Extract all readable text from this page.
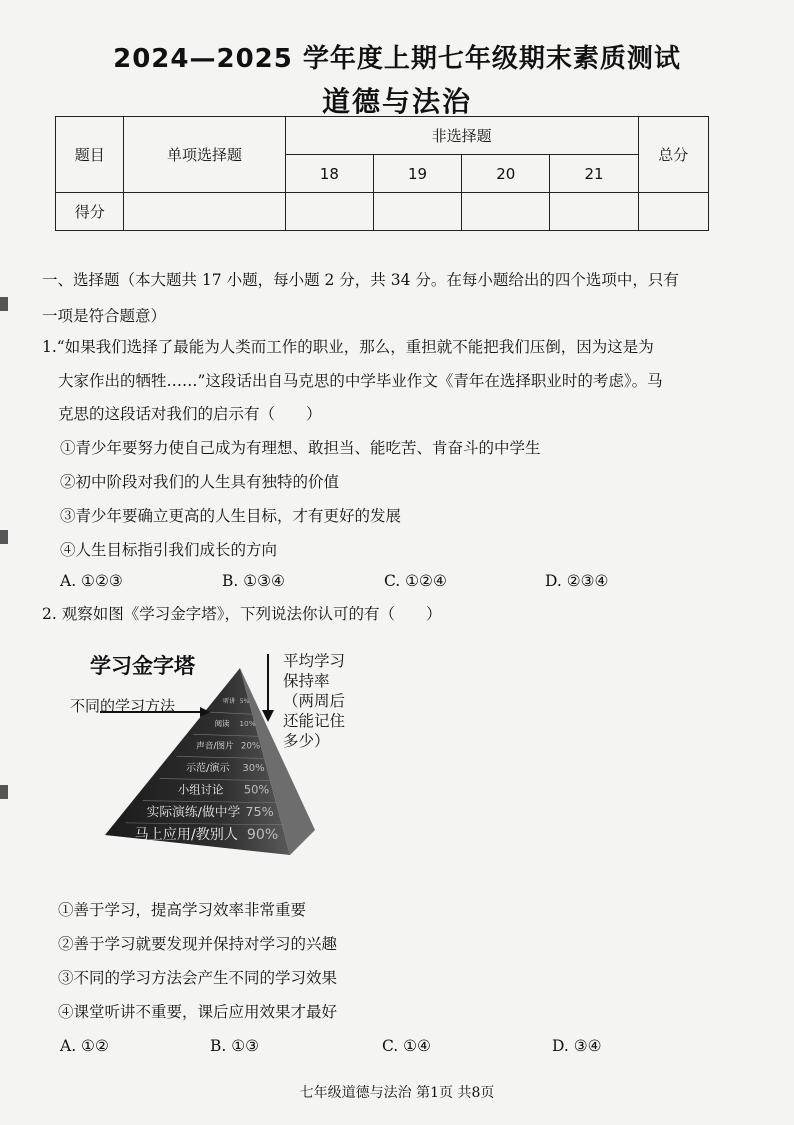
2024—2025 学年度上期七年级期末素质测试
道德与法治
题目	单项选择题	非选择题				总分
		18	19	20	21	
得分						
一、选择题（本大题共 17 小题，每小题 2 分，共 34 分。在每小题给出的四个选项中，只有
一项是符合题意）
1.“如果我们选择了最能为人类而工作的职业，那么，重担就不能把我们压倒，因为这是为
大家作出的牺牲……”这段话出自马克思的中学毕业作文《青年在选择职业时的考虑》。马
克思的这段话对我们的启示有（　　）
①青少年要努力使自己成为有理想、敢担当、能吃苦、肯奋斗的中学生
②初中阶段对我们的人生具有独特的价值
③青少年要确立更高的人生目标，才有更好的发展
④人生目标指引我们成长的方向
A. ①②③	B. ①③④	C. ①②④	D. ②③④
2. 观察如图《学习金字塔》，下列说法你认可的有（　　）
学习金字塔
不同的学习方法	听讲 5%
阅读 10%
声音/图片 20%
示范/演示 30%
小组讨论 50%
实际演练/做中学 75%
马上应用/教别人 90%
平均学习
保持率
（两周后
还能记住
多少）
①善于学习，提高学习效率非常重要
②善于学习就要发现并保持对学习的兴趣
③不同的学习方法会产生不同的学习效果
④课堂听讲不重要，课后应用效果才最好
A. ①②	B. ①③	C. ①④	D. ③④
七年级道德与法治 第1页 共8页
